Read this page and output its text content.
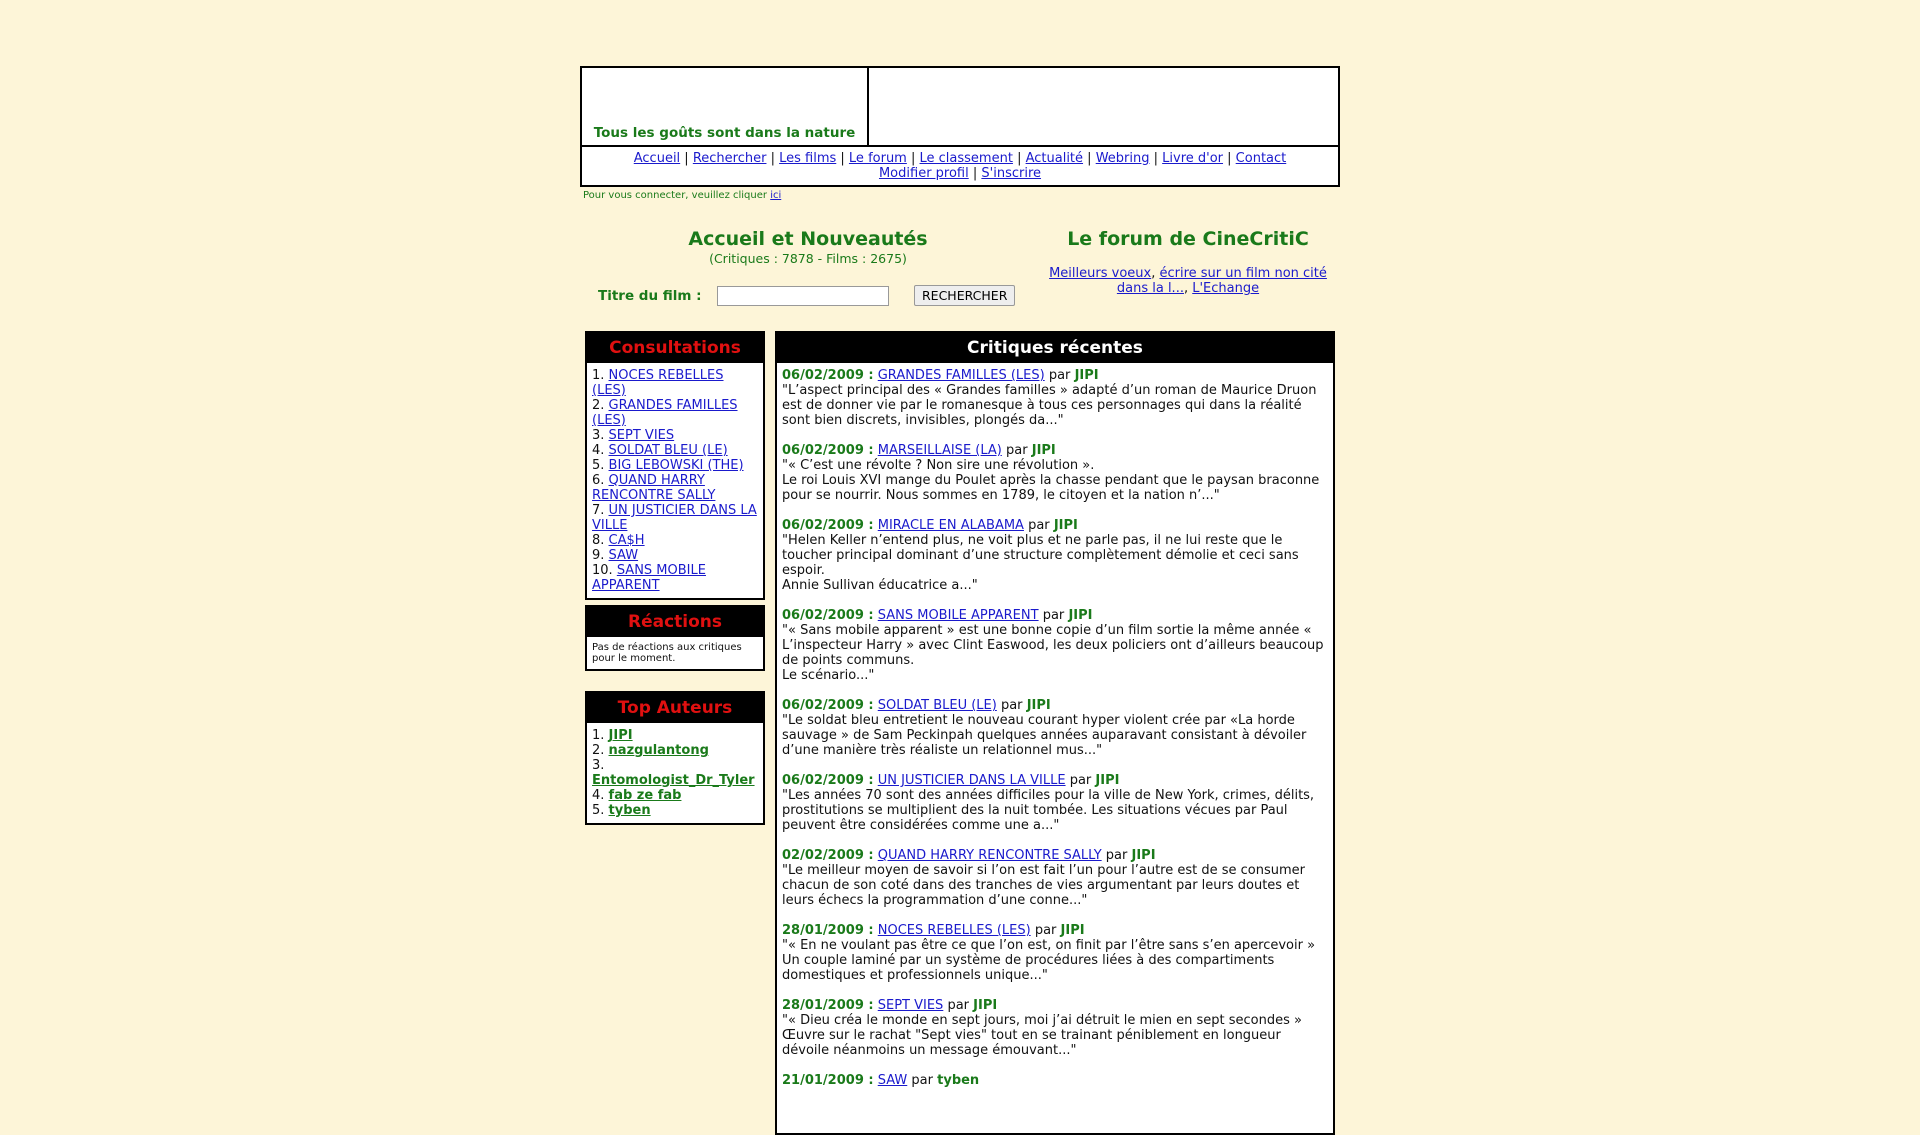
Tous les goûts sont dans la nature
Accueil | Rechercher | Les films | Le forum | Le classement | Actualité | Webring | Livre d'or | Contact
Modifier profil | S'inscrire
Pour vous connecter, veuillez cliquer ici
Accueil et Nouveautés
(Critiques : 7878 - Films : 2675)
Titre du film :	RECHERCHER
Le forum de CineCritiC
Meilleurs voeux, écrire sur un film non cité dans la l..., L'Echange
Consultations
1. NOCES REBELLES (LES)
2. GRANDES FAMILLES (LES)
3. SEPT VIES
4. SOLDAT BLEU (LE)
5. BIG LEBOWSKI (THE)
6. QUAND HARRY RENCONTRE SALLY
7. UN JUSTICIER DANS LA VILLE
8. CA$H
9. SAW
10. SANS MOBILE APPARENT
Réactions
Pas de réactions aux critiques pour le moment.
Top Auteurs
1. JIPI
2. nazgulantong
3. Entomologist_Dr_Tyler
4. fab ze fab
5. tyben
Critiques récentes
06/02/2009 : GRANDES FAMILLES (LES) par JIPI
"L’aspect principal des « Grandes familles » adapté d’un roman de Maurice Druon est de donner vie par le romanesque à tous ces personnages qui dans la réalité sont bien discrets, invisibles, plongés da..."
06/02/2009 : MARSEILLAISE (LA) par JIPI
"« C’est une révolte ? Non sire une révolution ».
Le roi Louis XVI mange du Poulet après la chasse pendant que le paysan braconne pour se nourrir. Nous sommes en 1789, le citoyen et la nation n’..."
06/02/2009 : MIRACLE EN ALABAMA par JIPI
"Helen Keller n’entend plus, ne voit plus et ne parle pas, il ne lui reste que le toucher principal dominant d’une structure complètement démolie et ceci sans espoir.
Annie Sullivan éducatrice a..."
06/02/2009 : SANS MOBILE APPARENT par JIPI
"« Sans mobile apparent » est une bonne copie d’un film sortie la même année « L’inspecteur Harry » avec Clint Easwood, les deux policiers ont d’ailleurs beaucoup de points communs.
Le scénario..."
06/02/2009 : SOLDAT BLEU (LE) par JIPI
"Le soldat bleu entretient le nouveau courant hyper violent crée par «La horde sauvage » de Sam Peckinpah quelques années auparavant consistant à dévoiler d’une manière très réaliste un relationnel mus..."
06/02/2009 : UN JUSTICIER DANS LA VILLE par JIPI
"Les années 70 sont des années difficiles pour la ville de New York, crimes, délits, prostitutions se multiplient des la nuit tombée. Les situations vécues par Paul peuvent être considérées comme une a..."
02/02/2009 : QUAND HARRY RENCONTRE SALLY par JIPI
"Le meilleur moyen de savoir si l’on est fait l’un pour l’autre est de se consumer chacun de son coté dans des tranches de vies argumentant par leurs doutes et leurs échecs la programmation d’une conne..."
28/01/2009 : NOCES REBELLES (LES) par JIPI
"« En ne voulant pas être ce que l’on est, on finit par l’être sans s’en apercevoir »
Un couple laminé par un système de procédures liées à des compartiments domestiques et professionnels unique..."
28/01/2009 : SEPT VIES par JIPI
"« Dieu créa le monde en sept jours, moi j’ai détruit le mien en sept secondes »
Œuvre sur le rachat "Sept vies" tout en se trainant péniblement en longueur dévoile néanmoins un message émouvant..."
21/01/2009 : SAW par tyben
